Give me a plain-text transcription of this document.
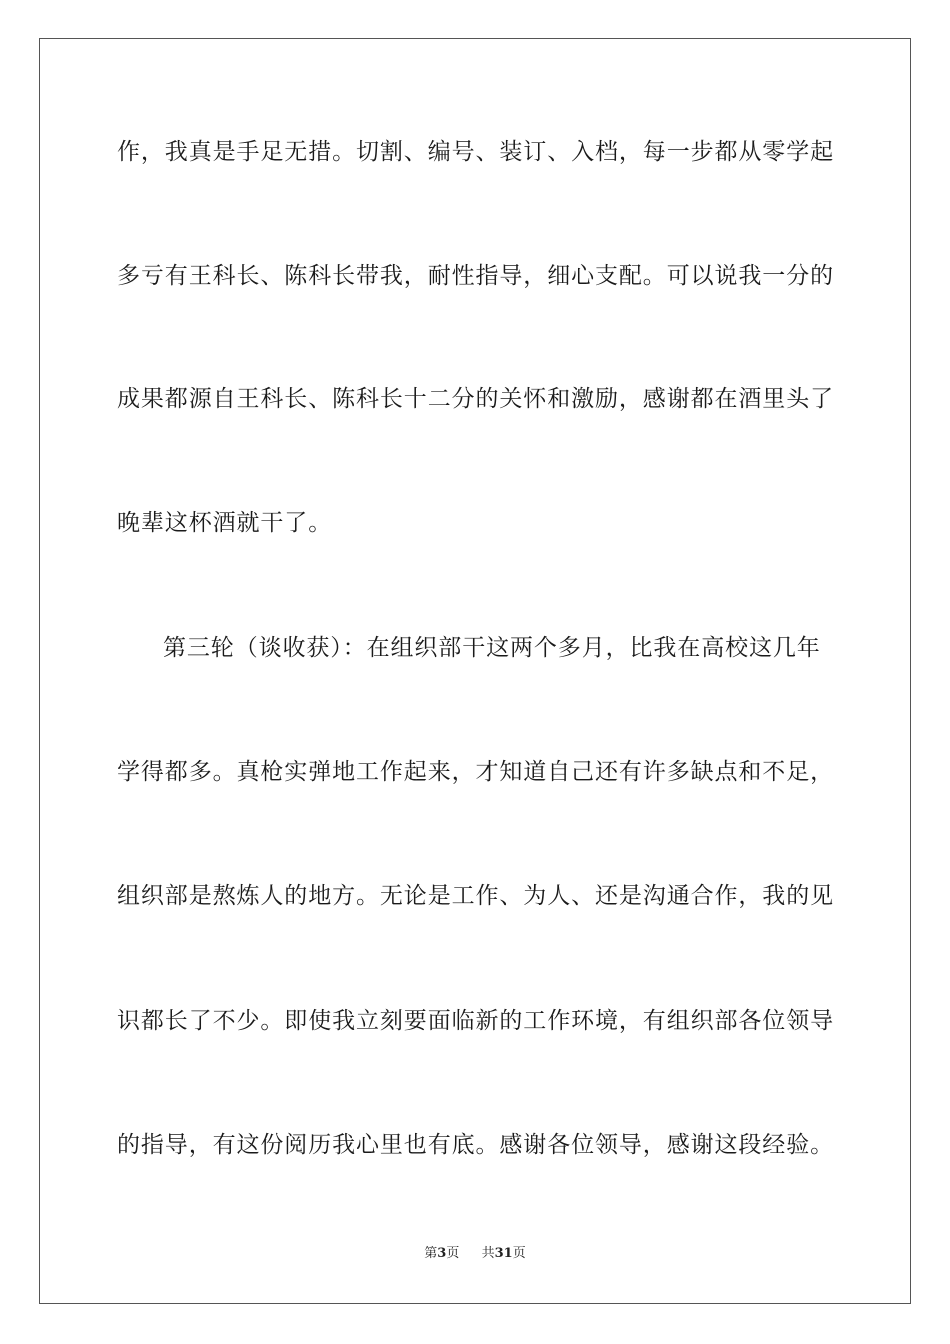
作，我真是手足无措。切割、编号、装订、入档，每一步都从零学起
多亏有王科长、陈科长带我，耐性指导，细心支配。可以说我一分的
成果都源自王科长、陈科长十二分的关怀和激励，感谢都在酒里头了
晚辈这杯酒就干了。
第三轮（谈收获）：在组织部干这两个多月，比我在高校这几年
学得都多。真枪实弹地工作起来，才知道自己还有许多缺点和不足，
组织部是熬炼人的地方。无论是工作、为人、还是沟通合作，我的见
识都长了不少。即使我立刻要面临新的工作环境，有组织部各位领导
的指导，有这份阅历我心里也有底。感谢各位领导，感谢这段经验。
第3页 共31页
